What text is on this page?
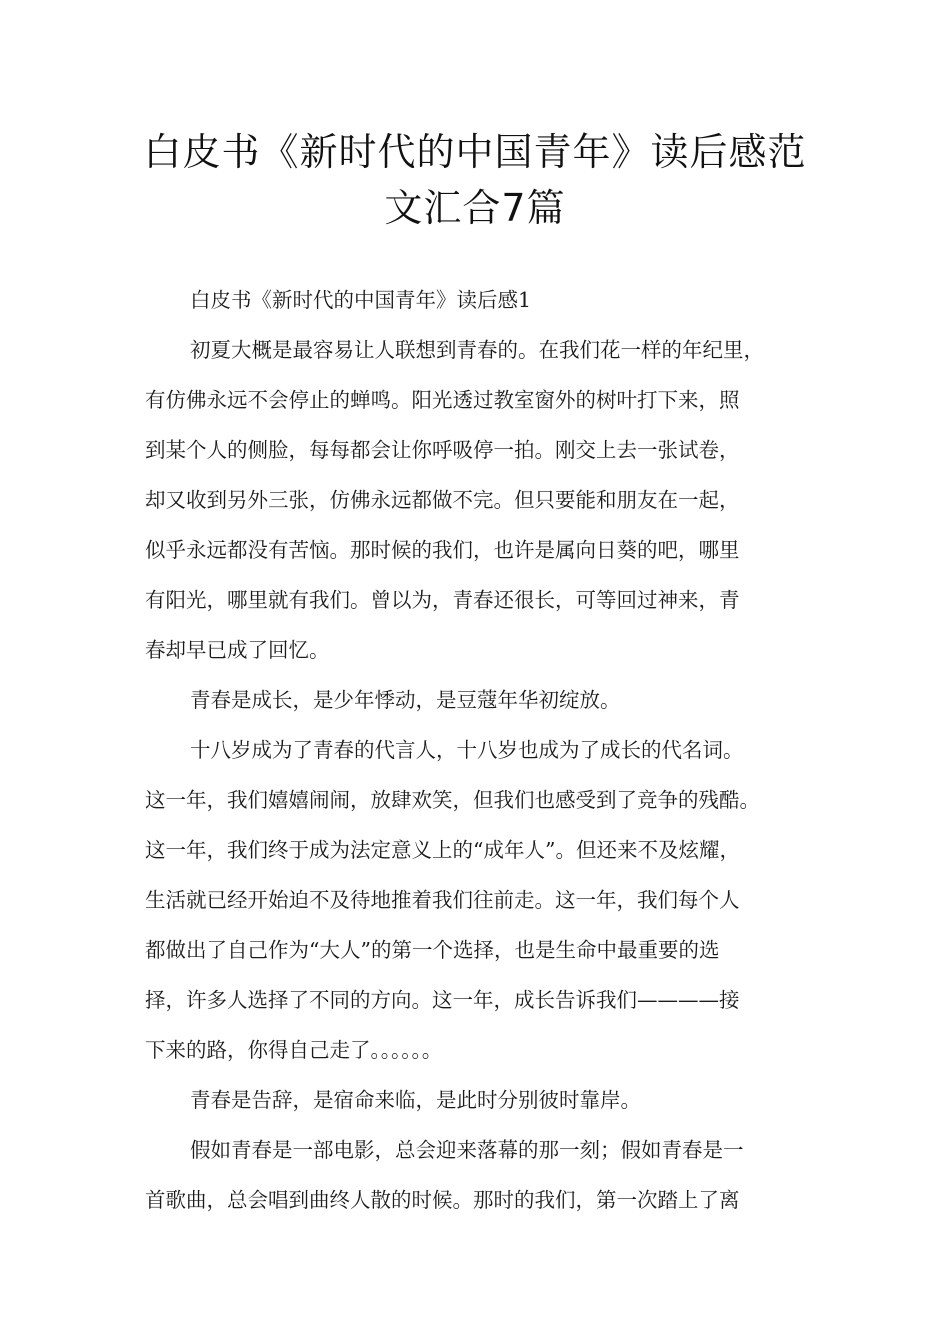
白皮书《新时代的中国青年》读后感范
文汇合7篇
白皮书《新时代的中国青年》读后感1
初夏大概是最容易让人联想到青春的。在我们花一样的年纪里，
有仿佛永远不会停止的蝉鸣。阳光透过教室窗外的树叶打下来，照
到某个人的侧脸，每每都会让你呼吸停一拍。刚交上去一张试卷，
却又收到另外三张，仿佛永远都做不完。但只要能和朋友在一起，
似乎永远都没有苦恼。那时候的我们，也许是属向日葵的吧，哪里
有阳光，哪里就有我们。曾以为，青春还很长，可等回过神来，青
春却早已成了回忆。
青春是成长，是少年悸动，是豆蔻年华初绽放。
十八岁成为了青春的代言人，十八岁也成为了成长的代名词。
这一年，我们嬉嬉闹闹，放肆欢笑，但我们也感受到了竞争的残酷。
这一年，我们终于成为法定意义上的“成年人”。但还来不及炫耀，
生活就已经开始迫不及待地推着我们往前走。这一年，我们每个人
都做出了自己作为“大人”的第一个选择，也是生命中最重要的选
择，许多人选择了不同的方向。这一年，成长告诉我们————接
下来的路，你得自己走了。。。。。。
青春是告辞，是宿命来临，是此时分别彼时靠岸。
假如青春是一部电影，总会迎来落幕的那一刻；假如青春是一
首歌曲，总会唱到曲终人散的时候。那时的我们，第一次踏上了离
